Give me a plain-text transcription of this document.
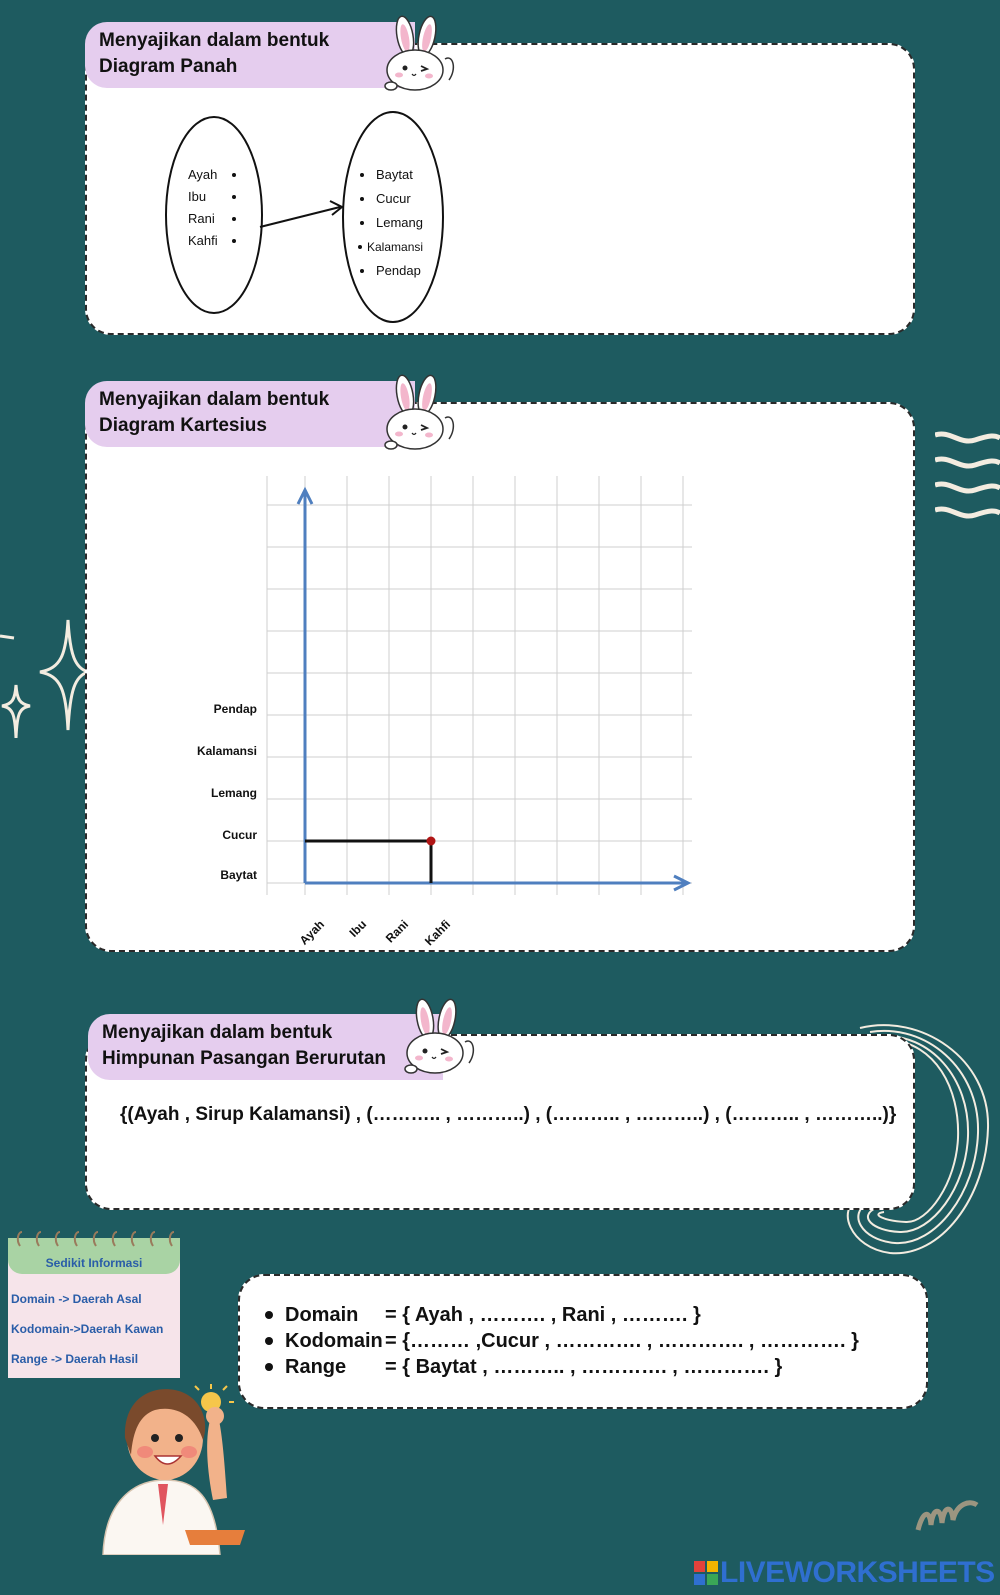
Menyajikan dalam bentuk
Diagram Panah
Ayah
Ibu
Rani
Kahfi
Baytat
Cucur
Lemang
Kalamansi
Pendap
Menyajikan dalam bentuk
Diagram Kartesius
Baytat
Cucur
Lemang
Kalamansi
Pendap
Ayah Ibu Rani Kahfi
Menyajikan dalam bentuk
Himpunan Pasangan Berurutan
{(Ayah , Sirup Kalamansi) , (……….. , ………..) , (……….. , ………..) , (……….. , ………..)}
Sedikit Informasi
Domain -> Daerah Asal
Kodomain->Daerah Kawan
Range -> Daerah Hasil
Domain	= { Ayah , ………. , Rani , ………. }
Kodomain = {……… ,Cucur , …………. , …………. , …………. }
Range	= { Baytat , ……….. , …………. , …………. }
LIVEWORKSHEETS
